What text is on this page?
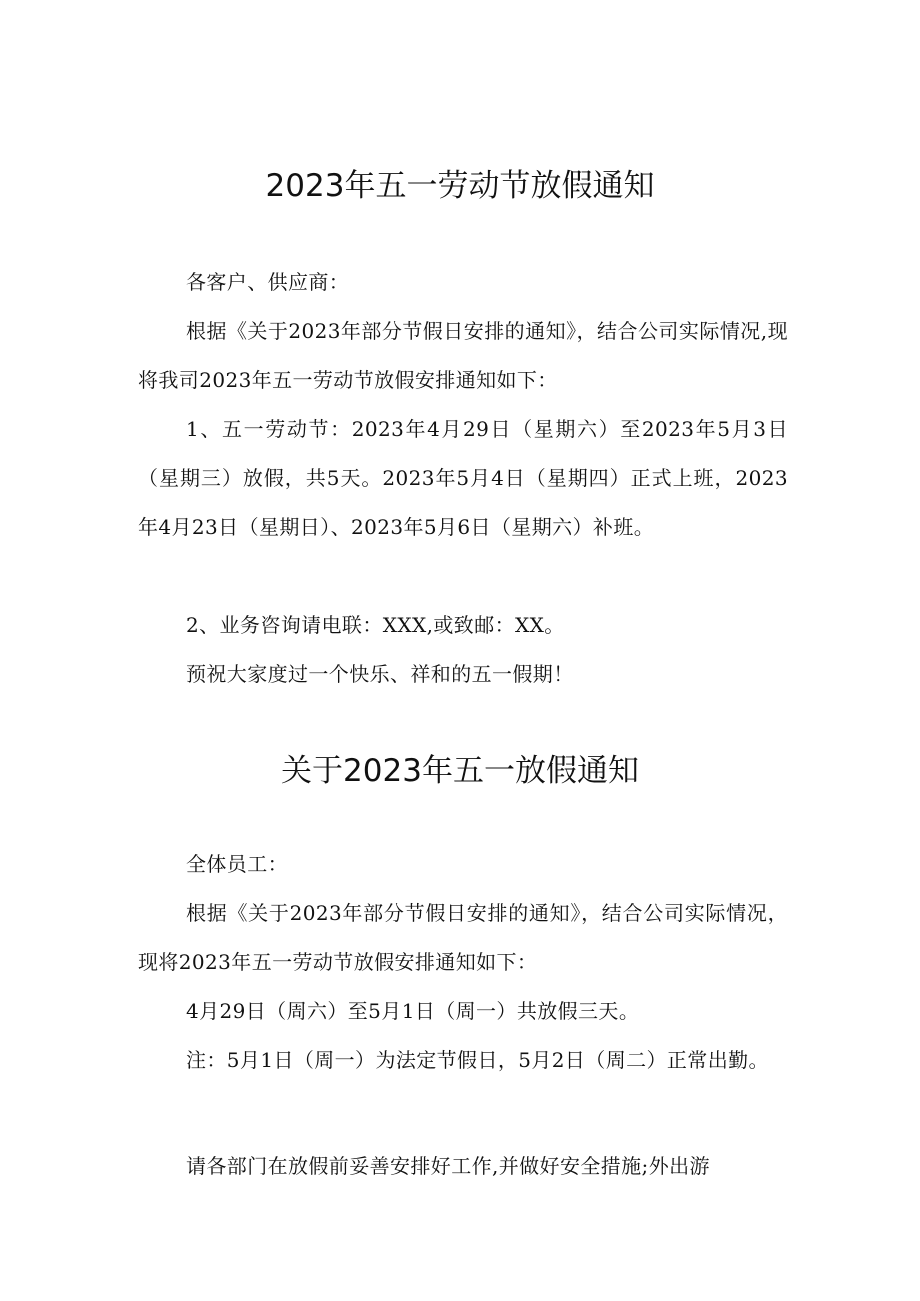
2023年五一劳动节放假通知

各客户、供应商：

根据《关于2023年部分节假日安排的通知》，结合公司实际情况,现将我司2023年五一劳动节放假安排通知如下：

1、五一劳动节：2023年4月29日（星期六）至2023年5月3日（星期三）放假，共5天。2023年5月4日（星期四）正式上班，2023年4月23日（星期日）、2023年5月6日（星期六）补班。

2、业务咨询请电联：XXX,或致邮：XX。

预祝大家度过一个快乐、祥和的五一假期！

关于2023年五一放假通知

全体员工：

根据《关于2023年部分节假日安排的通知》，结合公司实际情况，现将2023年五一劳动节放假安排通知如下：

4月29日（周六）至5月1日（周一）共放假三天。

注：5月1日（周一）为法定节假日，5月2日（周二）正常出勤。

请各部门在放假前妥善安排好工作,并做好安全措施;外出游
